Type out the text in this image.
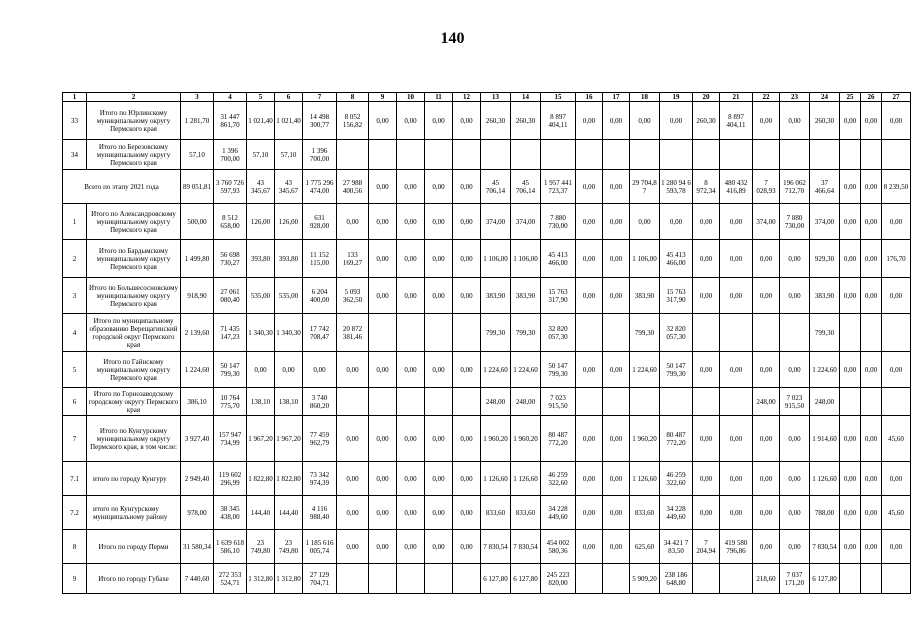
140
1	2	3	4	5	6	7	8	9	10	11	12	13	14	15	16	17	18	19	20	21	22	23	24	25	26	27
33	Итого по Юрлинскому муниципальному округу Пермского края	1 281,70	31 447 861,70	1 021,40	1 021,40	14 498 300,77	8 052 156,82	0,00	0,00	0,00	0,00	260,30	260,30	8 897 404,11	0,00	0,00	0,00	0,00	260,30	8 897 404,11	0,00	0,00	260,30	0,00	0,00	0,00
34	Итого по Березовскому муниципальному округу Пермского края	57,10	1 396 700,00	57,10	57,10	1 396 700,00																				
Всего по этапу 2021 года		89 051,81	3 760 726 597,93	43 345,67	43 345,67	1 775 296 474,00	27 988 400,56	0,00	0,00	0,00	0,00	45 706,14	45 706,14	1 957 441 723,37	0,00	0,00	29 704,8 7	1 280 94 6 593,78	8 972,34	480 432 416,89	7 028,93	196 062 712,70	37 466,64	0,00	0,00	8 239,50
1	Итого по Александровскому муниципальному округу Пермского края	500,00	8 512 658,00	126,00	126,00	631 928,00	0,00	0,00	0,00	0,00	0,00	374,00	374,00	7 880 730,00	0,00	0,00	0,00	0,00	0,00	0,00	374,00	7 880 730,00	374,00	0,00	0,00	0,00
2	Итого по Бардымскому муниципальному округу Пермского края	1 499,80	56 698 730,27	393,80	393,80	11 152 115,00	133 169,27	0,00	0,00	0,00	0,00	1 106,00	1 106,00	45 413 466,00	0,00	0,00	1 106,00	45 413 466,00	0,00	0,00	0,00	0,00	929,30	0,00	0,00	176,70
3	Итого по Большесосновскому муниципальному округу Пермского края	918,90	27 061 080,40	535,00	535,00	6 204 400,00	5 093 362,50	0,00	0,00	0,00	0,00	383,90	383,90	15 763 317,90	0,00	0,00	383,90	15 763 317,90	0,00	0,00	0,00	0,00	383,90	0,00	0,00	0,00
4	Итого по муниципальному образованию Верещагинский городской округ Пермского края	2 139,60	71 435 147,23	1 340,30	1 340,30	17 742 708,47	20 872 381,46					799,30	799,30	32 820 057,30			799,30	32 820 057,30					799,30			
5	Итого по Гайнскому муниципальному округу Пермского края	1 224,60	50 147 799,30	0,00	0,00	0,00	0,00	0,00	0,00	0,00	0,00	1 224,60	1 224,60	50 147 799,30	0,00	0,00	1 224,60	50 147 799,30	0,00	0,00	0,00	0,00	1 224,60	0,00	0,00	0,00
6	Итого по Горнозаводскому городскому округу Пермского края	386,10	10 764 775,70	138,10	138,10	3 740 860,20						248,00	248,00	7 023 915,50							248,00	7 023 915,50	248,00			
7	Итого по Кунгурскому муниципальному округу Пермского края, в том числе:	3 927,40	157 947 734,99	1 967,20	1 967,20	77 459 962,79	0,00	0,00	0,00	0,00	0,00	1 960,20	1 960,20	80 487 772,20	0,00	0,00	1 960,20	80 487 772,20	0,00	0,00	0,00	0,00	1 914,60	0,00	0,00	45,60
7.1	итого по городу Кунгуру	2 949,40	119 602 296,99	1 822,80	1 822,80	73 342 974,39	0,00	0,00	0,00	0,00	0,00	1 126,60	1 126,60	46 259 322,60	0,00	0,00	1 126,60	46 259 322,60	0,00	0,00	0,00	0,00	1 126,60	0,00	0,00	0,00
7.2	итого по Кунгурскому муниципальному району	978,00	38 345 438,00	144,40	144,40	4 116 988,40	0,00	0,00	0,00	0,00	0,00	833,60	833,60	34 228 449,60	0,00	0,00	833,60	34 228 449,60	0,00	0,00	0,00	0,00	788,00	0,00	0,00	45,60
8	Итого по городу Перми	31 580,34	1 639 618 586,10	23 749,80	23 749,80	1 185 616 005,74	0,00	0,00	0,00	0,00	0,00	7 830,54	7 830,54	454 002 580,36	0,00	0,00	625,60	34 421 7 83,50	7 204,94	419 580 796,86	0,00	0,00	7 830,54	0,00	0,00	0,00
9	Итого по городу Губахе	7 440,60	272 353 524,71	1 312,80	1 312,80	27 129 704,71						6 127,80	6 127,80	245 223 820,00			5 909,20	238 186 648,80			218,60	7 037 171,20	6 127,80			
